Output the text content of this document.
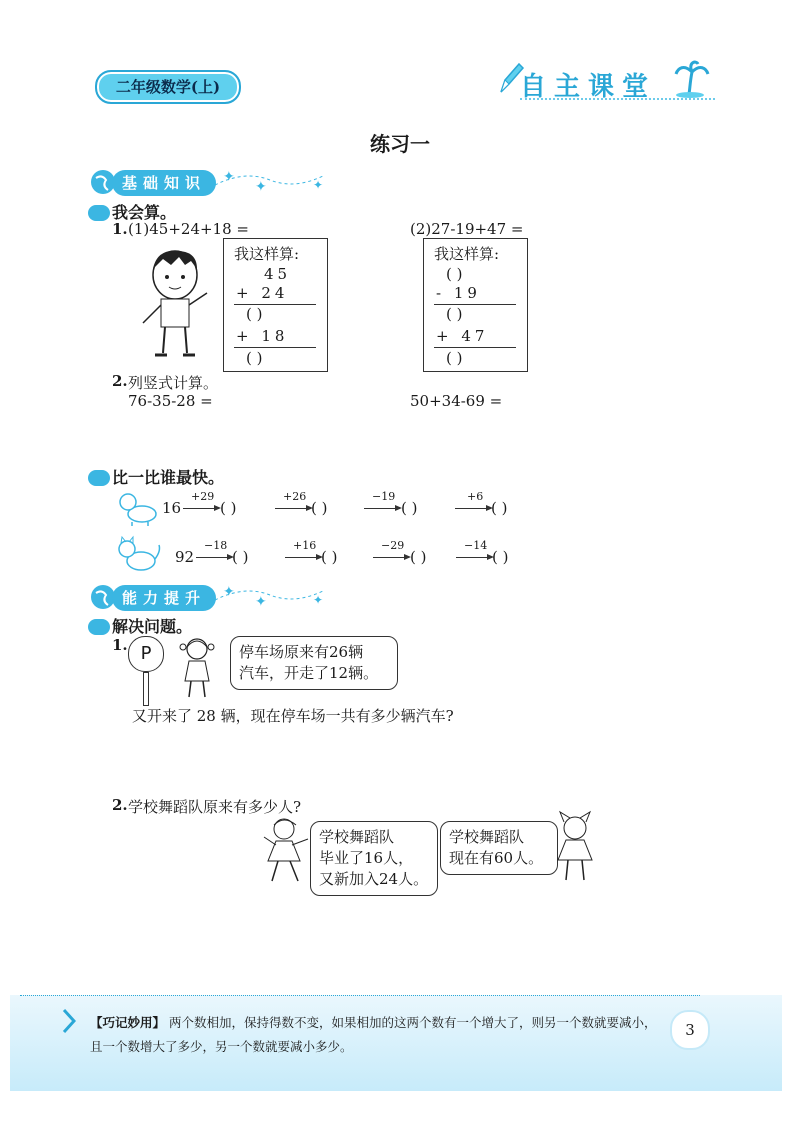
二年级数学(上)	自主课堂
练习一
基础知识	✦
✦	✦
我会算。
1. (1)45+24+18 =	(2)27-19+47 =
我这样算:
45
+ 24
( )
+ 18
( )
我这样算:
( )
- 19
( )
+ 47
( )
2. 列竖式计算。
76-35-28 =	50+34-69 =
比一比谁最快。
16
+29
( )
+26
( )
−19
( )
+6
( )
92
−18
( )
+16
( )
−29
( )
−14
( )
能力提升	✦
✦	✦
解决问题。
1. P	停车场原来有26辆
汽车，开走了12辆。
又开来了 28 辆，现在停车场一共有多少辆汽车?
2. 学校舞蹈队原来有多少人?
学校舞蹈队
毕业了16人，
又新加入24人。
学校舞蹈队
现在有60人。
【巧记妙用】 两个数相加，保持得数不变，如果相加的这两个数有一个增大了，则另一个数就要减小，且一个数增大了多少，另一个数就要减小多少。
3
